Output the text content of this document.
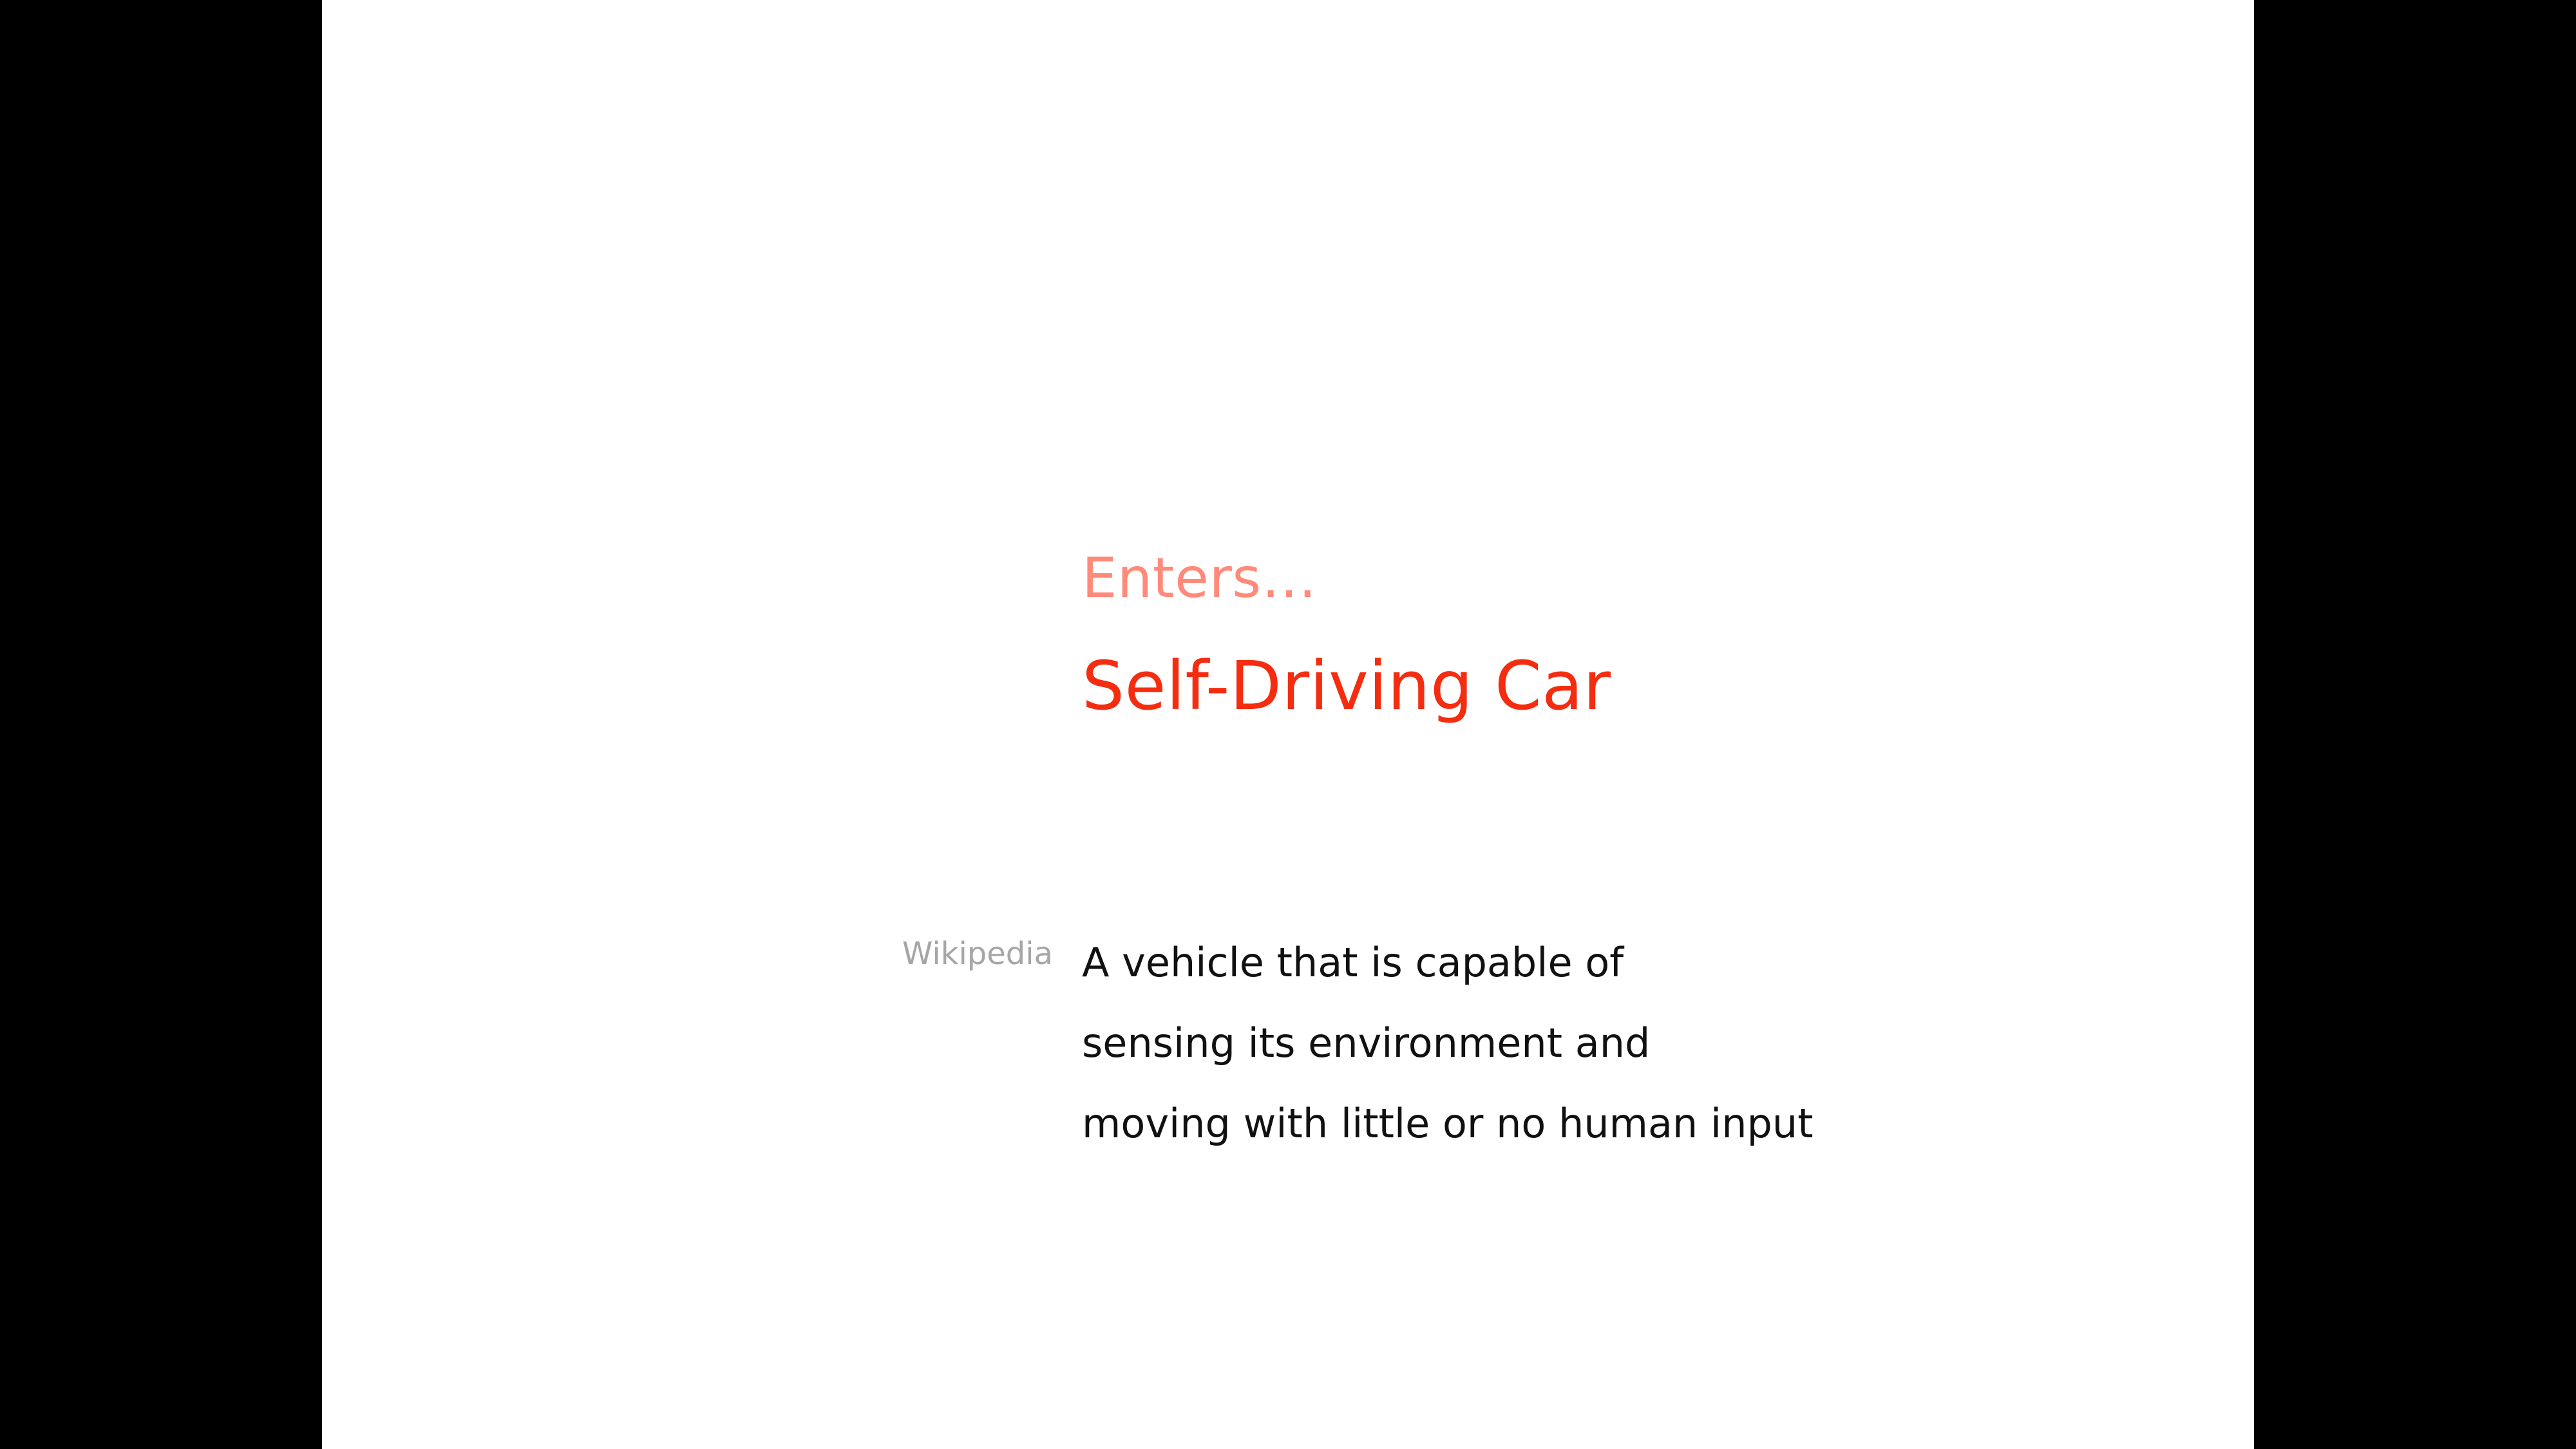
Enters…
Self-Driving Car
Wikipedia A vehicle that is capable of
sensing its environment and
moving with little or no human input
